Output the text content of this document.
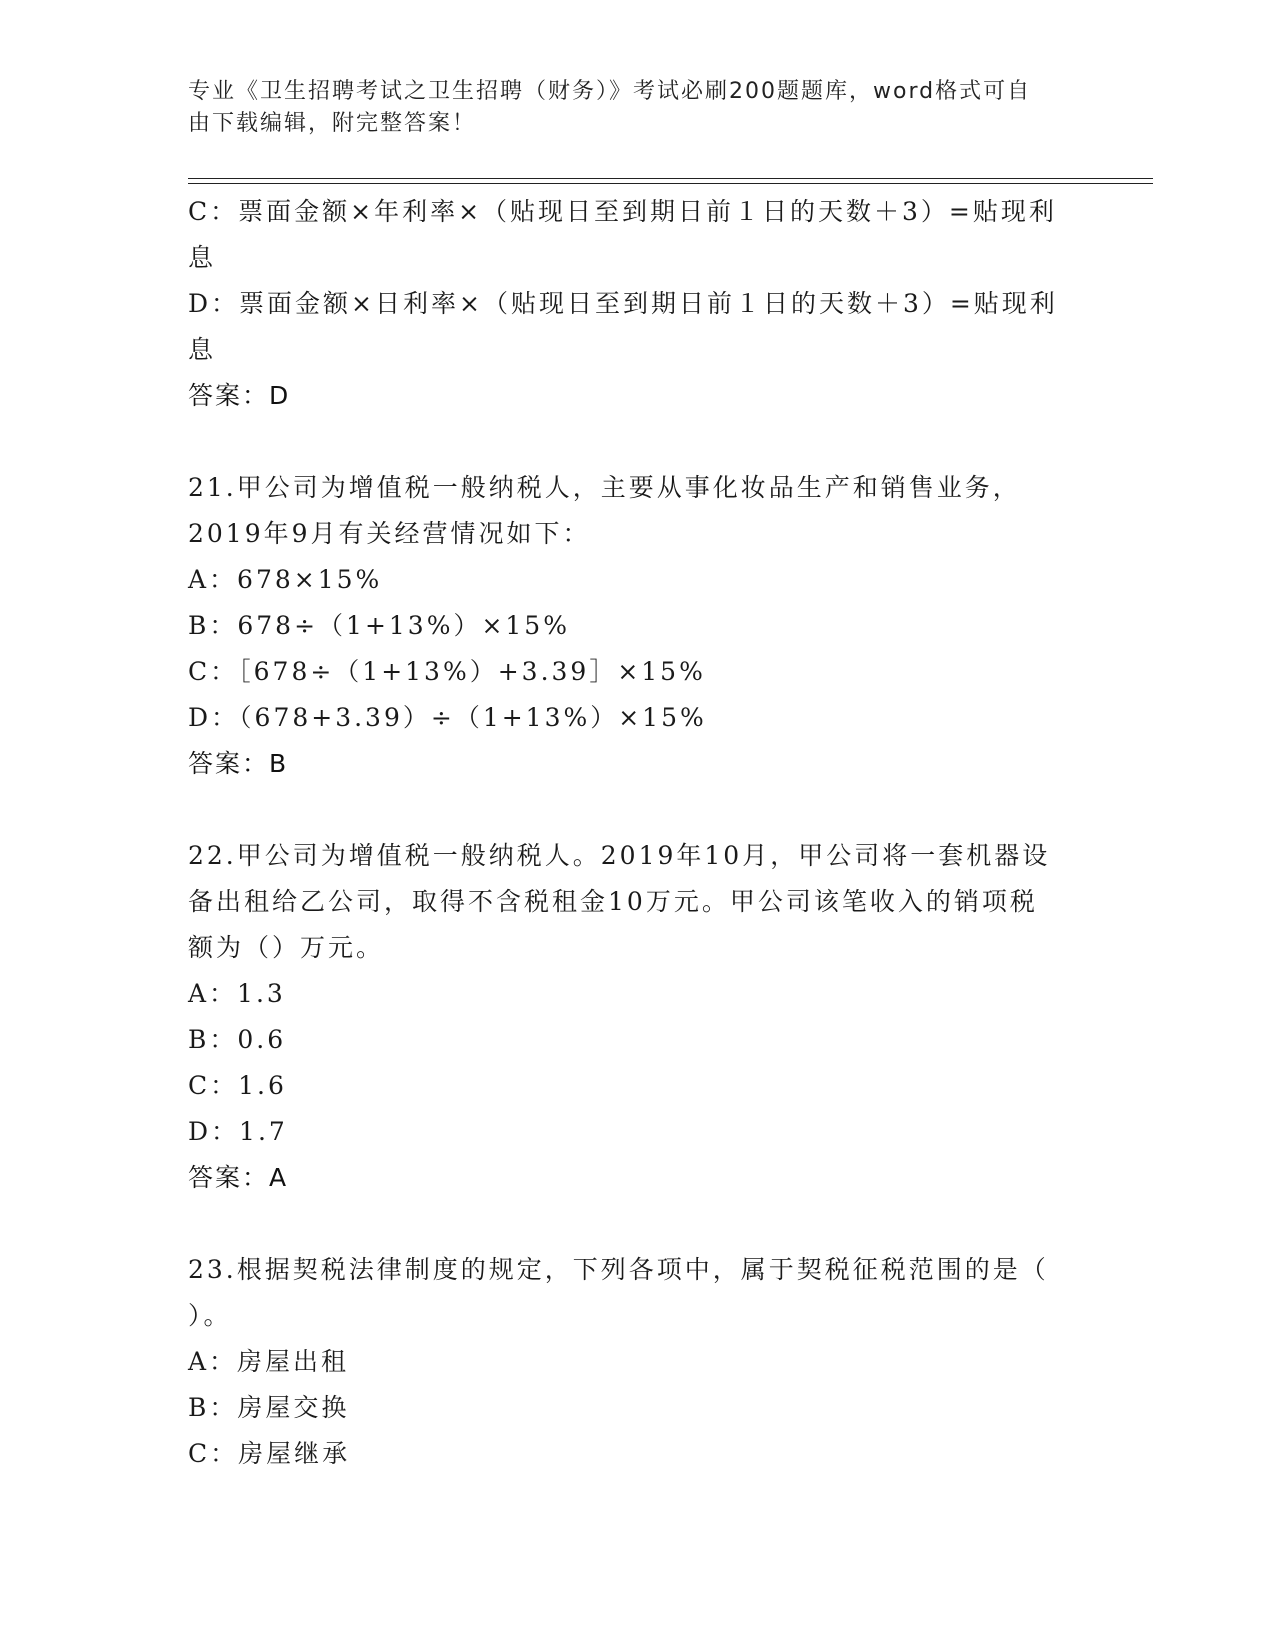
专业《卫生招聘考试之卫生招聘（财务）》考试必刷200题题库，word格式可自
由下载编辑，附完整答案！
C：票面金额×年利率×（贴现日至到期日前１日的天数＋3）=贴现利
息
D：票面金额×日利率×（贴现日至到期日前１日的天数＋3）=贴现利
息
答案：D
21.甲公司为增值税一般纳税人，主要从事化妆品生产和销售业务，
2019年9月有关经营情况如下：
A：678×15%
B：678÷（1+13%）×15%
C：［678÷（1+13%）+3.39］×15%
D：（678+3.39）÷（1+13%）×15%
答案：B
22.甲公司为增值税一般纳税人。2019年10月，甲公司将一套机器设
备出租给乙公司，取得不含税租金10万元。甲公司该笔收入的销项税
额为（）万元。
A：1.3
B：0.6
C：1.6
D：1.7
答案：A
23.根据契税法律制度的规定，下列各项中，属于契税征税范围的是（
）。
A：房屋出租
B：房屋交换
C：房屋继承
